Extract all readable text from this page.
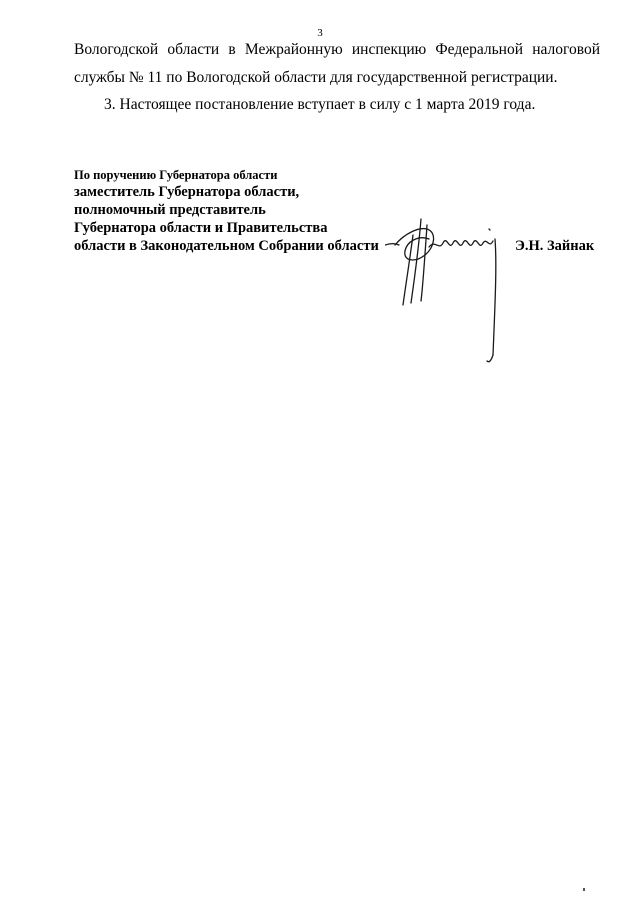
3
Вологодской области в Межрайонную инспекцию Федеральной налоговой
службы № 11 по Вологодской области для государственной регистрации.
3. Настоящее постановление вступает в силу с 1 марта 2019 года.
По поручению Губернатора области
заместитель Губернатора области,
полномочный представитель
Губернатора области и Правительства
области в Законодательном Собрании области	Э.Н. Зайнак
